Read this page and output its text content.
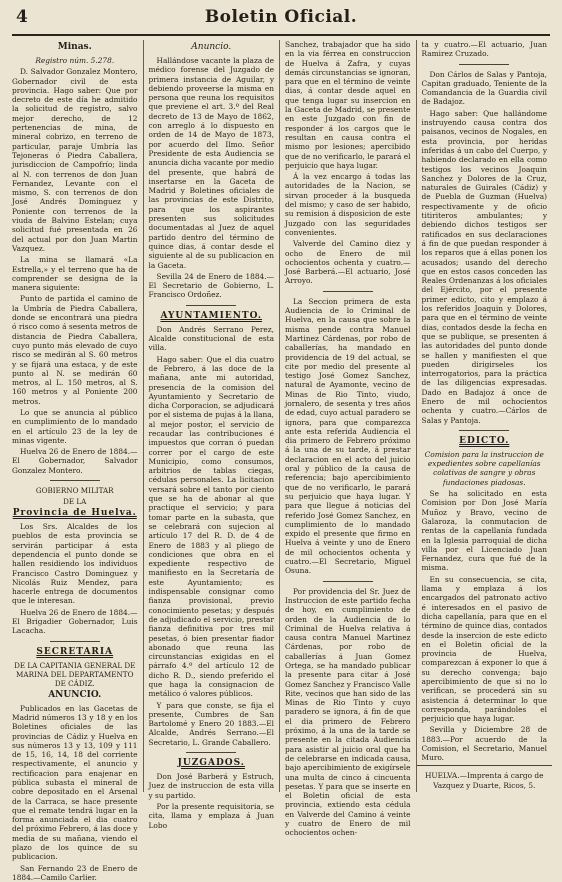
4	Boletin Oficial.
Minas.

Registro núm. 5.278.

D. Salvador Gonzalez Montero, Gobernador civil de esta provincia. Hago saber: Que por decreto de este día he admitido la solicitud de registro, salvo mejor derecho, de 12 pertenencias de mina, de mineral cobrizo, en terreno de particular, paraje Umbría las Tejoneras ó Piedra Caballera, jurisdiccion de Campofrío; linda al N. con terrenos de don Juan Fernandez, Levante con el mismo, S. con terrenos de don José Andrés Dominguez y Poniente con terrenos de la viuda de Balvino Estelan; cuya solicitud fué presentada en 26 del actual por don Juan Martin Vazquez.

La mina se llamará «La Estrella,» y el terreno que ha de comprender se designa de la manera siguiente:

Punto de partida el camino de la Umbría de Piedra Caballera, donde se encontrará una piedra ó risco como á sesenta metros de distancia de Piedra Caballera, cuyo punto más elevado de cuyo risco se medirán al S. 60 metros y se fijará una estaca, y de este punto al N. se medirán 60 metros, al L. 150 metros, al S. 160 metros y al Poniente 200 metros.

Lo que se anuncia al público en cumplimiento de lo mandado en el artículo 23 de la ley de minas vigente.

Huelva 26 de Enero de 1884.— El Gobernador, Salvador Gonzalez Montero.

GOBIERNO MILITAR

DE LA

Provincia de Huelva.

Los Srs. Alcaldes de los pueblos de esta provincia se servirán participar á esta dependencia el punto donde se hallen residiendo los individuos Francisco Castro Dominguez y Nicolás Ruiz Mendez, para hacerle entrega de documentos que le interesan.

Huelva 26 de Enero de 1884.— El Brigadier Gobernador, Luis Lacacha.

SECRETARIA

DE LA CAPITANIA GENERAL DE MARINA DEL DEPARTAMENTO DE CÁDIZ.

ANUNCIO.

Publicados en las Gacetas de Madrid números 13 y 18 y en los Boletines oficiales de las provincias de Cádiz y Huelva en sus números 13 y 13, 109 y 111 de 15, 16, 14, 18 del corriente respectivamente, el anuncio y rectificacion para enajenar en pública subasta el mineral de cobre depositado en el Arsenal de la Carraca, se hace presente que el remate tendrá lugar en la forma anunciada el dia cuatro del próximo Febrero, á las doce y media de su mañana, viendo el plazo de los quince de su publicacion.

San Fernando 23 de Enero de 1884.—Camilo Carlier.

Anuncio.

Hallándose vacante la plaza de médico forense del Juzgado de primera instancia de Aguilar, y debiendo proveerse la misma en persona que reuna los requisitos que previene el art. 3.º del Real decreto de 13 de Mayo de 1862, con arreglo á lo dispuesto en orden de 14 de Mayo de 1873, por acuerdo del Ilmo. Señor Presidente de esta Audiencia se anuncia dicha vacante por medio del presente, que habrá de insertarse en la Gaceta de Madrid y Boletines oficiales de las provincias de este Distrito, para que los aspirantes presenten sus solicitudes documentadas al Juez de aquel partido dentro del término de quince dias, á contar desde el siguiente al de su publicacion en la Gaceta.

Sevilla 24 de Enero de 1884.—El Secretario de Gobierno, L. Francisco Ordoñez.

AYUNTAMIENTO.

Don Andrés Serrano Perez, Alcalde constitucional de esta villa.

Hago saber: Que el dia cuatro de Febrero, á las doce de la mañana, ante mi autoridad, presencia de la comision del Ayuntamiento y Secretario de dicha Corporacion, se adjudicará por el sistema de pujas á la llana, al mejor postor, el servicio de recaudar las contribuciones é impuestos que corran ó puedan correr por el cargo de este Municipio, como consumos, arbitrios de tablas ciegas, cédulas personales. La licitacion versará sobre el tanto por ciento que se ha de abonar al que practique el servicio; y para tomar parte en la subasta, que se celebrará con sujecion al artículo 17 del R. D. de 4 de Enero de 1883 y al pliego de condiciones que obra en el expediente respectivo de manifiesto en la Secretaría de este Ayuntamiento; es indispensable consignar como fianza provisional, previo conocimiento pesetas; y después de adjudicado el servicio, prestar fianza definitiva por tres mil pesetas, ó bien presentar fiador abonado que reuna las circunstancias exigidas en el párrafo 4.º del artículo 12 de dicho R. D., siendo preferido el que haga la consignacion de metálico ó valores públicos.

Y para que conste, se fija el presente, Cumbres de San Bartolomé y Enero 20 1883.—El Alcalde, Andrés Serrano.—El Secretario, L. Grande Caballero.

JUZGADOS.

Don José Barberá y Estruch, Juez de instruccion de esta villa y su partido.

Por la presente requisitoria, se cita, llama y emplaza á Juan Lobo

Sanchez, trabajador que ha sido en la via férrea en construccion de Huelva á Zafra, y cuyas demás circunstancias se ignoran, para que en el término de veinte dias, á contar desde aquel en que tenga lugar su insercion en la Gaceta de Madrid, se presente en este Juzgado con fin de responder á los cargos que le resultan en causa contra el mismo por lesiones; apercibido que de no verificarlo, le parará el perjuicio que haya lugar.

Á la vez encargo á todas las autoridades de la Nacion, se sirvan proceder á la busqueda del mismo; y caso de ser habido, su remision á disposicion de este Juzgado con las seguridades convenientes.

Valverde del Camino diez y ocho de Enero de mil ochocientos ochenta y cuatro.—José Barberá.—El actuario, José Arroyo.

La Seccion primera de esta Audiencia de lo Criminal de Huelva, en la causa que sobre la misma pende contra Manuel Martinez Cárdenas, por robo de caballerías, ha mandado en providencia de 19 del actual, se cite por medio del presente al testigo José Gomez Sanchez, natural de Ayamonte, vecino de Minas de Rio Tinto, viudo, jornalero, de sesenta y tres años de edad, cuyo actual paradero se ignora, para que comparezca ante esta referida Audiencia el dia primero de Febrero próximo á la una de su tarde, á prestar declaracion en el acto del juicio oral y público de la causa de referencia; bajo apercibimiento que de no verificarlo, le parará su perjuicio que haya lugar. Y para que llegue á noticias del referido José Gomez Sanchez, en cumplimiento de lo mandado expido el presente que firmo en Huelva á veinte y uno de Enero de mil ochocientos ochenta y cuatro.—El Secretario, Miguel Osuna.

Por providencia del Sr. Juez de Instruccion de este partido fecha de hoy, en cumplimiento de orden de la Audiencia de lo Criminal de Huelva relativa á causa contra Manuel Martinez Cárdenas, por robo de caballerías á Juan Gomez Ortega, se ha mandado publicar la presente para citar á José Gomez Sanchez y Francisco Valle Rite, vecinos que han sido de las Minas de Rio Tinto y cuyo paradero se ignora, á fin de que el dia primero de Febrero próximo, á la una de la tarde se presente en la citada Audiencia para asistir al juicio oral que ha de celebrarse en indicada causa, bajo apercibimiento de exigírsele una multa de cinco á cincuenta pesetas. Y para que se inserte en el Boletin oficial de esta provincia, extiendo esta cédula en Valverde del Camino á veinte y cuatro de Enero de mil ochocientos ochen-

ta y cuatro.—El actuario, Juan Ramirez Cruzado.

Don Cárlos de Salas y Pantoja, Capitan graduado, Teniente de la Comandancia de la Guardia civil de Badajoz.

Hago saber: Que hallándome instruyendo causa contra dos paisanos, vecinos de Nogales, en esta provincia, por heridas inferidas á un cabo del Cuerpo, y habiendo declarado en ella como testigos los vecinos Joaquin Sanchez y Dolores de la Cruz, naturales de Guirales (Cádiz) y de Puebla de Guzman (Huelva) respectivamente y de oficio titiriteros ambulantes; y debiendo dichos testigos ser ratificados en sus declaraciones á fin de que puedan responder á los reparos que á ellas ponen los acusados; usando del derecho que en estos casos conceden las Reales Ordenanzas á los oficiales del Ejército, por el presente primer edicto, cito y emplazo á los referidos Joaquin y Dolores, para que en el término de veinte dias, contados desde la fecha en que se publique, se presenten á las autoridades del punto donde se hallen y manifiesten el que pueden dirigirseles los interrogatorios, para la práctica de las diligencias expresadas. Dado en Badajoz á once de Enero de mil ochocientos ochenta y cuatro.—Cárlos de Salas y Pantoja.

EDICTO.

Comision para la instruccion de expedientes sobre capellanías colativas de sangre y obras fundaciones piadosas.

Se ha solicitado en esta Comision por Don José María Muñoz y Bravo, vecino de Galaroza, la conmutacion de rentas de la capellanía fundada en la Iglesia parroquial de dicha villa por el Licenciado Juan Fernandez, cura que fué de la misma.

En su consecuencia, se cita, llama y emplaza á los encargados del patronato activo é interesados en el pasivo de dicha capellanía, para que en el término de quince dias, contados desde la insercion de este edicto en el Boletin oficial de la provincia de Huelva, comparezcan á exponer lo que á su derecho convenga; bajo apercibimiento de que si no lo verifican, se procederá sin su asistencia á determinar lo que corresponda, parándoles el perjuicio que haya lugar.

Sevilla y Diciembre 28 de 1883.—Por acuerdo de la Comision, el Secretario, Manuel Muro.

HUELVA.—Imprenta á cargo de Vazquez y Duarte, Ricos, 5.
